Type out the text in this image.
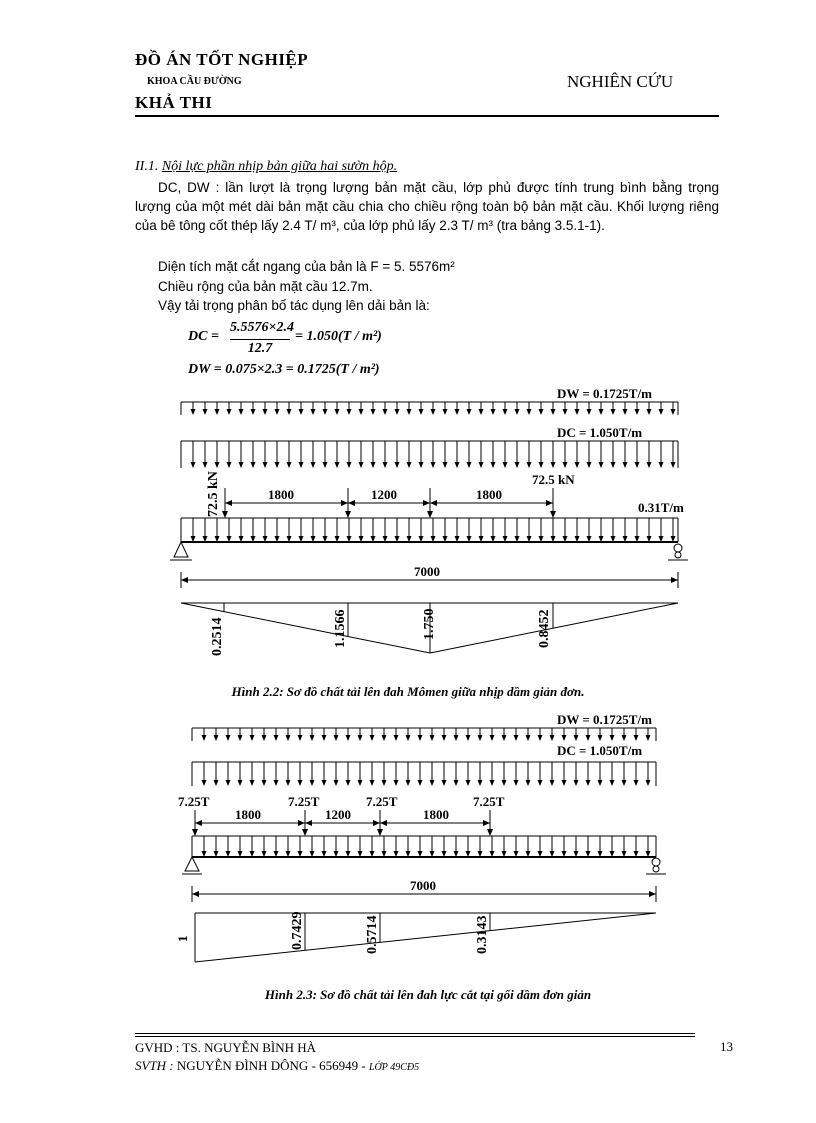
ĐỒ ÁN TỐT NGHIỆP
KHOA CẦU ĐƯỜNG	NGHIÊN CỨU
KHẢ THI
II.1. Nội lực phần nhịp bản giữa hai sườn hộp.

DC, DW : lần lượt là trọng lượng bản mặt cầu, lớp phủ được tính trung bình bằng trọng lượng của một mét dài bản mặt cầu chia cho chiều rộng toàn bộ bản mặt cầu. Khối lượng riêng của bê tông cốt thép lấy 2.4 T/ m³, của lớp phủ lấy 2.3 T/ m³ (tra bảng 3.5.1-1).

Diện tích mặt cắt ngang của bản là F = 5. 5576m²
Chiều rộng của bản mặt cầu 12.7m.
Vậy tải trọng phân bố tác dụng lên dải bản là:
DC =
5.5576×2.4
12.7
= 1.050(T / m²)
DW = 0.075×2.3 = 0.1725(T / m²)
DW = 0.1725T/m
DC = 1.050T/m
72.5 kN	72.5 kN
1800	1200	1800
0.31T/m
7000
0.2514	1.1566	1.750	0.8452
DW = 0.1725T/m
DC = 1.050T/m
7.25T	7.25T	7.25T	7.25T
1800	1200	1800
7000
1	0.7429	0.5714	0.3143
Hình 2.2: Sơ đồ chất tải lên đah Mômen giữa nhịp dầm giản đơn.
Hình 2.3: Sơ đồ chất tải lên đah lực cắt tại gối dầm đơn giản
GVHD : TS. NGUYỄN BÌNH HÀ
SVTH : NGUYỄN ĐÌNH DÔNG - 656949 - LỚP 49CĐ5
13
